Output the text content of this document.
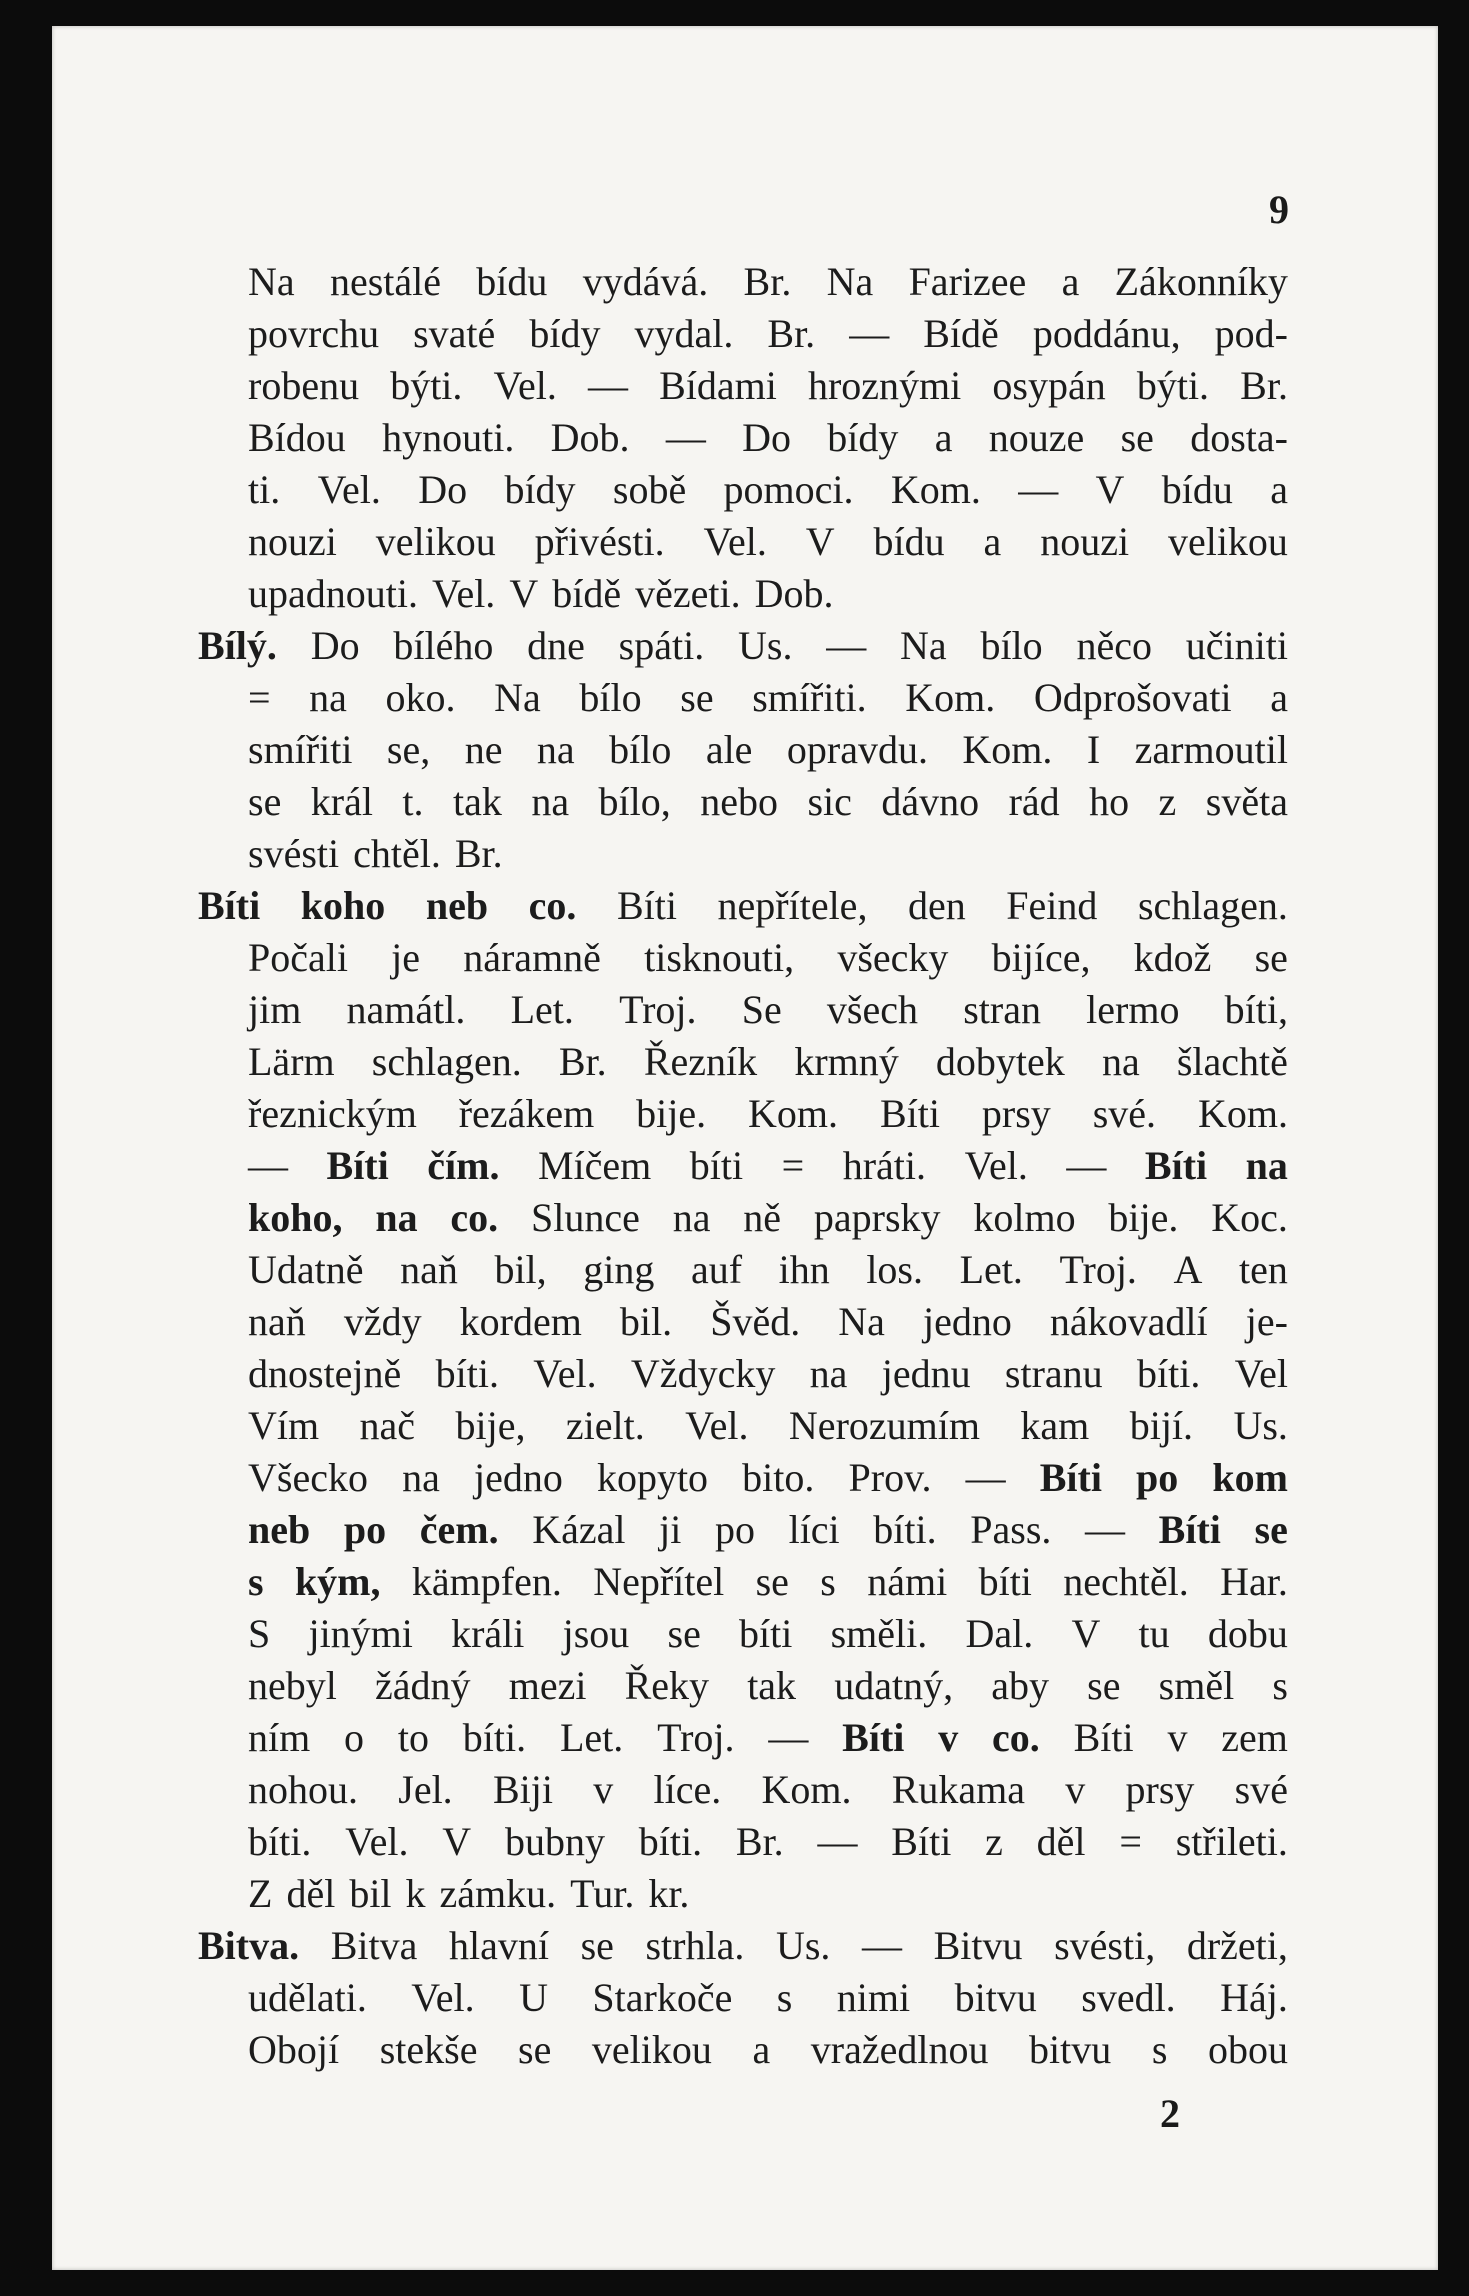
9
Na nestálé bídu vydává. Br. Na Farizee a Zákonníky
povrchu svaté bídy vydal. Br. — Bídě poddánu, pod-
robenu býti. Vel. — Bídami hroznými osypán býti. Br.
Bídou hynouti. Dob. — Do bídy a nouze se dosta-
ti. Vel. Do bídy sobě pomoci. Kom. — V bídu a
nouzi velikou přivésti. Vel. V bídu a nouzi velikou
upadnouti. Vel. V bídě vězeti. Dob.
Bílý. Do bílého dne spáti. Us. — Na bílo něco učiniti
= na oko. Na bílo se smířiti. Kom. Odprošovati a
smířiti se, ne na bílo ale opravdu. Kom. I zarmoutil
se král t. tak na bílo, nebo sic dávno rád ho z světa
svésti chtěl. Br.
Bíti koho neb co. Bíti nepřítele, den Feind schlagen.
Počali je náramně tisknouti, všecky bijíce, kdož se
jim namátl. Let. Troj. Se všech stran lermo bíti,
Lärm schlagen. Br. Řezník krmný dobytek na šlachtě
řeznickým řezákem bije. Kom. Bíti prsy své. Kom.
— Bíti čím. Míčem bíti = hráti. Vel. — Bíti na
koho, na co. Slunce na ně paprsky kolmo bije. Koc.
Udatně naň bil, ging auf ihn los. Let. Troj. A ten
naň vždy kordem bil. Švěd. Na jedno nákovadlí je-
dnostejně bíti. Vel. Vždycky na jednu stranu bíti. Vel
Vím nač bije, zielt. Vel. Nerozumím kam bijí. Us.
Všecko na jedno kopyto bito. Prov. — Bíti po kom
neb po čem. Kázal ji po líci bíti. Pass. — Bíti se
s kým, kämpfen. Nepřítel se s námi bíti nechtěl. Har.
S jinými králi jsou se bíti směli. Dal. V tu dobu
nebyl žádný mezi Řeky tak udatný, aby se směl s
ním o to bíti. Let. Troj. — Bíti v co. Bíti v zem
nohou. Jel. Biji v líce. Kom. Rukama v prsy své
bíti. Vel. V bubny bíti. Br. — Bíti z děl = střileti.
Z děl bil k zámku. Tur. kr.
Bitva. Bitva hlavní se strhla. Us. — Bitvu svésti, držeti,
udělati. Vel. U Starkoče s nimi bitvu svedl. Háj.
Obojí stekše se velikou a vražedlnou bitvu s obou
2
